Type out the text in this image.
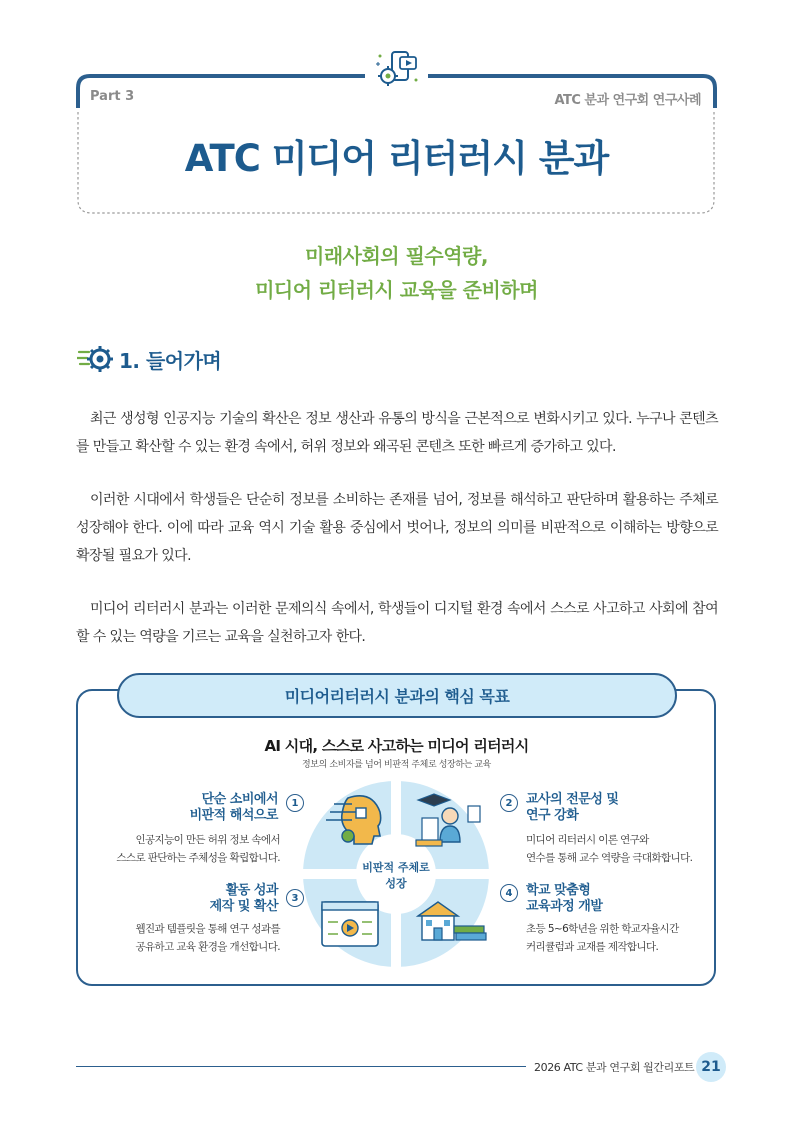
Part 3	ATC 분과 연구회 연구사례
ATC 미디어 리터러시 분과
미래사회의 필수역량,
미디어 리터러시 교육을 준비하며
1. 들어가며
최근 생성형 인공지능 기술의 확산은 정보 생산과 유통의 방식을 근본적으로 변화시키고 있다. 누구나 콘텐츠를 만들고 확산할 수 있는 환경 속에서, 허위 정보와 왜곡된 콘텐츠 또한 빠르게 증가하고 있다.
이러한 시대에서 학생들은 단순히 정보를 소비하는 존재를 넘어, 정보를 해석하고 판단하며 활용하는 주체로 성장해야 한다. 이에 따라 교육 역시 기술 활용 중심에서 벗어나, 정보의 의미를 비판적으로 이해하는 방향으로 확장될 필요가 있다.
미디어 리터러시 분과는 이러한 문제의식 속에서, 학생들이 디지털 환경 속에서 스스로 사고하고 사회에 참여할 수 있는 역량을 기르는 교육을 실천하고자 한다.
미디어리터러시 분과의 핵심 목표
AI 시대, 스스로 사고하는 미디어 리터러시
정보의 소비자를 넘어 비판적 주체로 성장하는 교육
비판적 주체로
성장
단순 소비에서
비판적 해석으로
1
인공지능이 만든 허위 정보 속에서
스스로 판단하는 주체성을 확립합니다.
2	교사의 전문성 및
연구 강화
미디어 리터러시 이론 연구와
연수를 통해 교수 역량을 극대화합니다.
활동 성과
제작 및 확산
3
웹진과 템플릿을 통해 연구 성과를
공유하고 교육 환경을 개선합니다.
4	학교 맞춤형
교육과정 개발
초등 5~6학년을 위한 학교자율시간
커리큘럼과 교재를 제작합니다.
2026 ATC 분과 연구회 월간리포트 21
